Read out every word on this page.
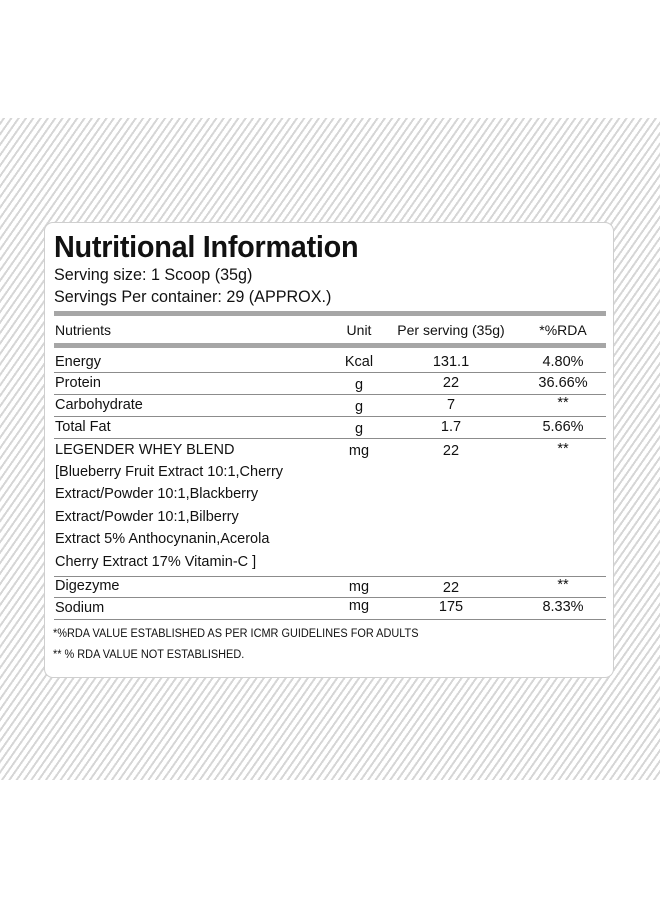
Nutritional Information
Serving size: 1 Scoop (35g)
Servings Per container: 29 (APPROX.)
Nutrients	Unit	Per serving (35g)	*%RDA
Energy	Kcal	131.1	4.80%
Protein	g	22	36.66%
Carbohydrate	g	7	**
Total Fat	g	1.7	5.66%
LEGENDER WHEY BLEND	mg	22	**
[Blueberry Fruit Extract 10:1,Cherry
Extract/Powder 10:1,Blackberry
Extract/Powder 10:1,Bilberry
Extract 5% Anthocynanin,Acerola
Cherry Extract 17% Vitamin-C ]
Digezyme	mg	22	**
Sodium	mg	175	8.33%
*%RDA VALUE ESTABLISHED AS PER ICMR GUIDELINES FOR ADULTS
** % RDA VALUE NOT ESTABLISHED.
